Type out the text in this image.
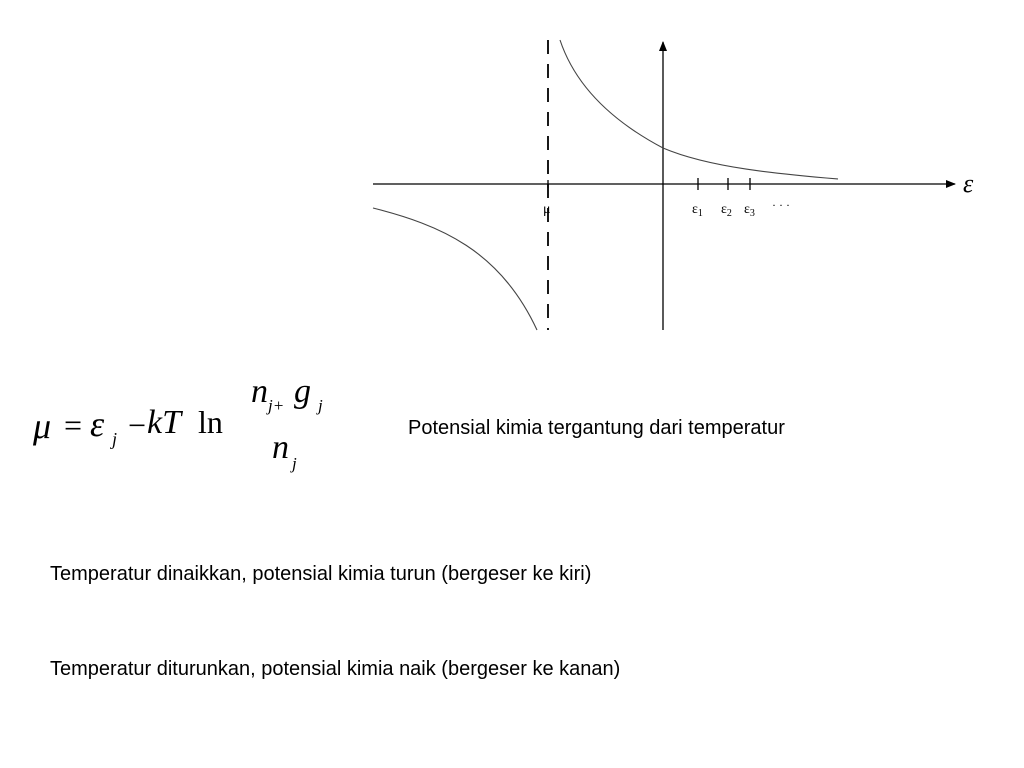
μ	$\varepsilon_1$ $\varepsilon_2$ $\varepsilon_3$
· · ·
ε
μ = ε j − kT ln
n j+ g j
n j
Potensial kimia tergantung dari temperatur
Temperatur dinaikkan, potensial kimia turun (bergeser ke kiri)
Temperatur diturunkan, potensial kimia naik (bergeser ke kanan)
